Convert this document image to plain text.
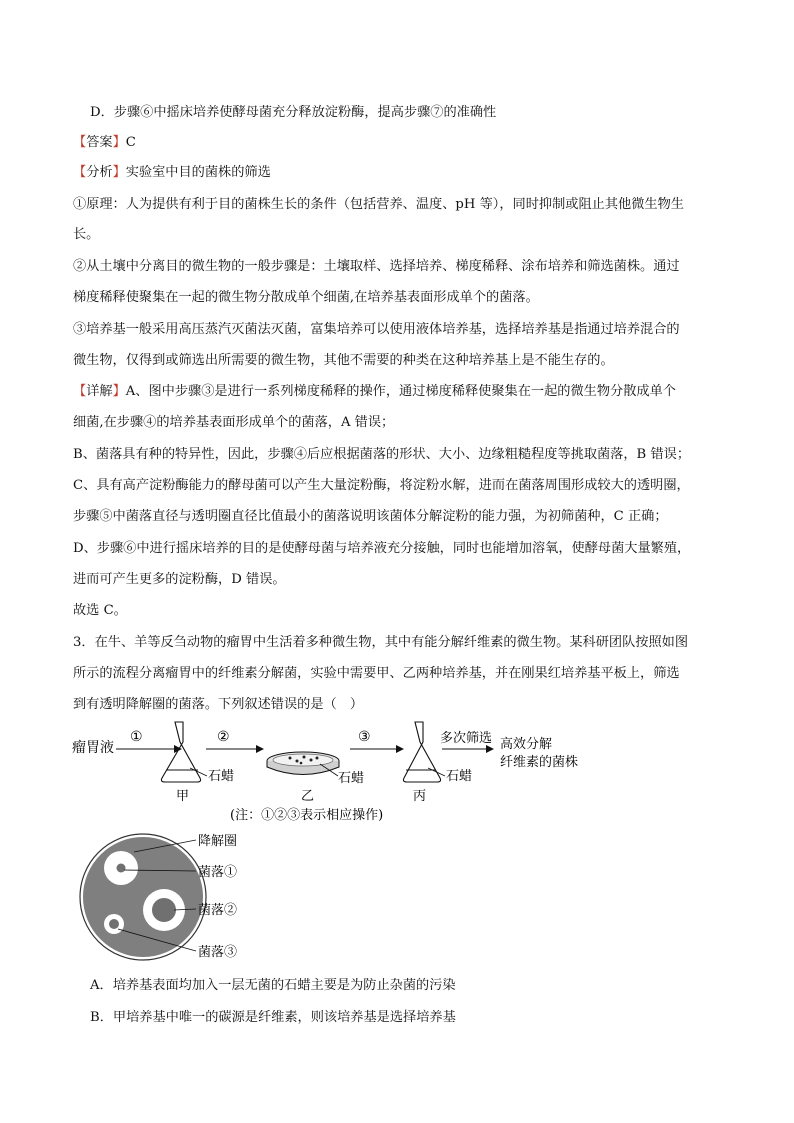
D．步骤⑥中摇床培养使酵母菌充分释放淀粉酶，提高步骤⑦的准确性
【答案】C
【分析】实验室中目的菌株的筛选
①原理：人为提供有利于目的菌株生长的条件（包括营养、温度、pH 等），同时抑制或阻止其他微生物生
长。
②从土壤中分离目的微生物的一般步骤是：土壤取样、选择培养、梯度稀释、涂布培养和筛选菌株。通过
梯度稀释使聚集在一起的微生物分散成单个细菌,在培养基表面形成单个的菌落。
③培养基一般采用高压蒸汽灭菌法灭菌，富集培养可以使用液体培养基，选择培养基是指通过培养混合的
微生物，仅得到或筛选出所需要的微生物，其他不需要的种类在这种培养基上是不能生存的。
【详解】A、图中步骤③是进行一系列梯度稀释的操作，通过梯度稀释使聚集在一起的微生物分散成单个
细菌,在步骤④的培养基表面形成单个的菌落，A 错误；
B、菌落具有种的特异性，因此，步骤④后应根据菌落的形状、大小、边缘粗糙程度等挑取菌落，B 错误；
C、具有高产淀粉酶能力的酵母菌可以产生大量淀粉酶，将淀粉水解，进而在菌落周围形成较大的透明圈，
步骤⑤中菌落直径与透明圈直径比值最小的菌落说明该菌体分解淀粉的能力强，为初筛菌种，C 正确；
D、步骤⑥中进行摇床培养的目的是使酵母菌与培养液充分接触，同时也能增加溶氧，使酵母菌大量繁殖，
进而可产生更多的淀粉酶，D 错误。
故选 C。
3．在牛、羊等反刍动物的瘤胃中生活着多种微生物，其中有能分解纤维素的微生物。某科研团队按照如图
所示的流程分离瘤胃中的纤维素分解菌，实验中需要甲、乙两种培养基，并在刚果红培养基平板上，筛选
到有透明降解圈的菌落。下列叙述错误的是（　）
瘤胃液
①
石蜡
甲
②
石蜡
乙
③
石蜡
丙
多次筛选 高效分解
纤维素的菌株
(注：①②③表示相应操作)
降解圈
菌落①
菌落②
菌落③
A．培养基表面均加入一层无菌的石蜡主要是为防止杂菌的污染
B．甲培养基中唯一的碳源是纤维素，则该培养基是选择培养基
